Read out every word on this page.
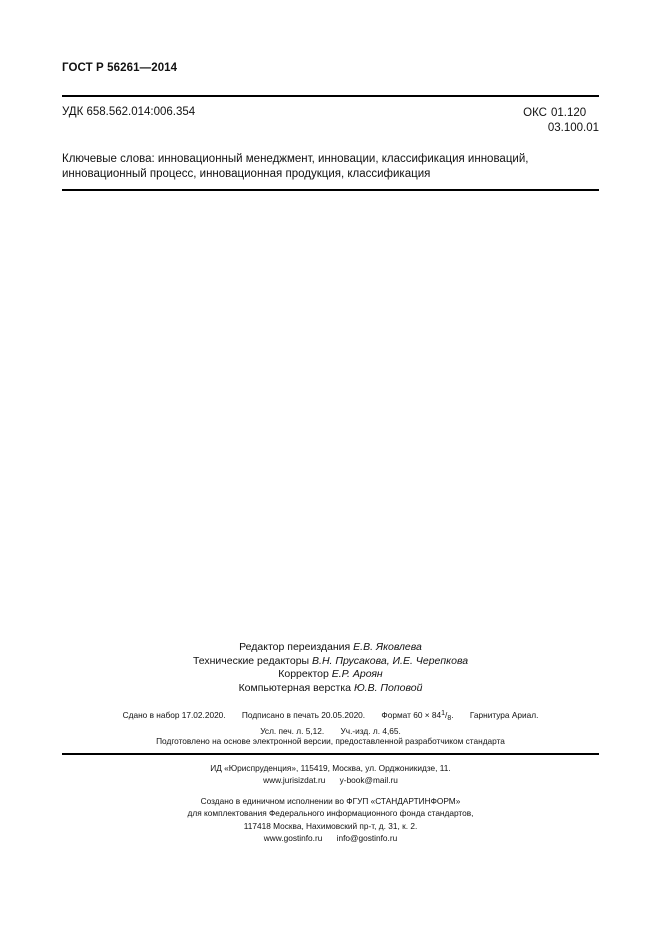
ГОСТ Р 56261—2014
УДК 658.562.014:006.354	ОКС 01.120
03.100.01
Ключевые слова: инновационный менеджмент, инновации, классификация инноваций, инновационный процесс, инновационная продукция, классификация
Редактор переиздания Е.В. Яковлева
Технические редакторы В.Н. Прусакова, И.Е. Черепкова
Корректор Е.Р. Ароян
Компьютерная верстка Ю.В. Поповой
Сдано в набор 17.02.2020. Подписано в печать 20.05.2020. Формат $60 \times 84^1/_8$. Гарнитура Ариал.
Усл. печ. л. 5,12. Уч.-изд. л. 4,65.
Подготовлено на основе электронной версии, предоставленной разработчиком стандарта
ИД «Юриспруденция», 115419, Москва, ул. Орджоникидзе, 11.
www.jurisizdat.ru y-book@mail.ru
Создано в единичном исполнении во ФГУП «СТАНДАРТИНФОРМ»
для комплектования Федерального информационного фонда стандартов,
117418 Москва, Нахимовский пр-т, д. 31, к. 2.
www.gostinfo.ru info@gostinfo.ru
